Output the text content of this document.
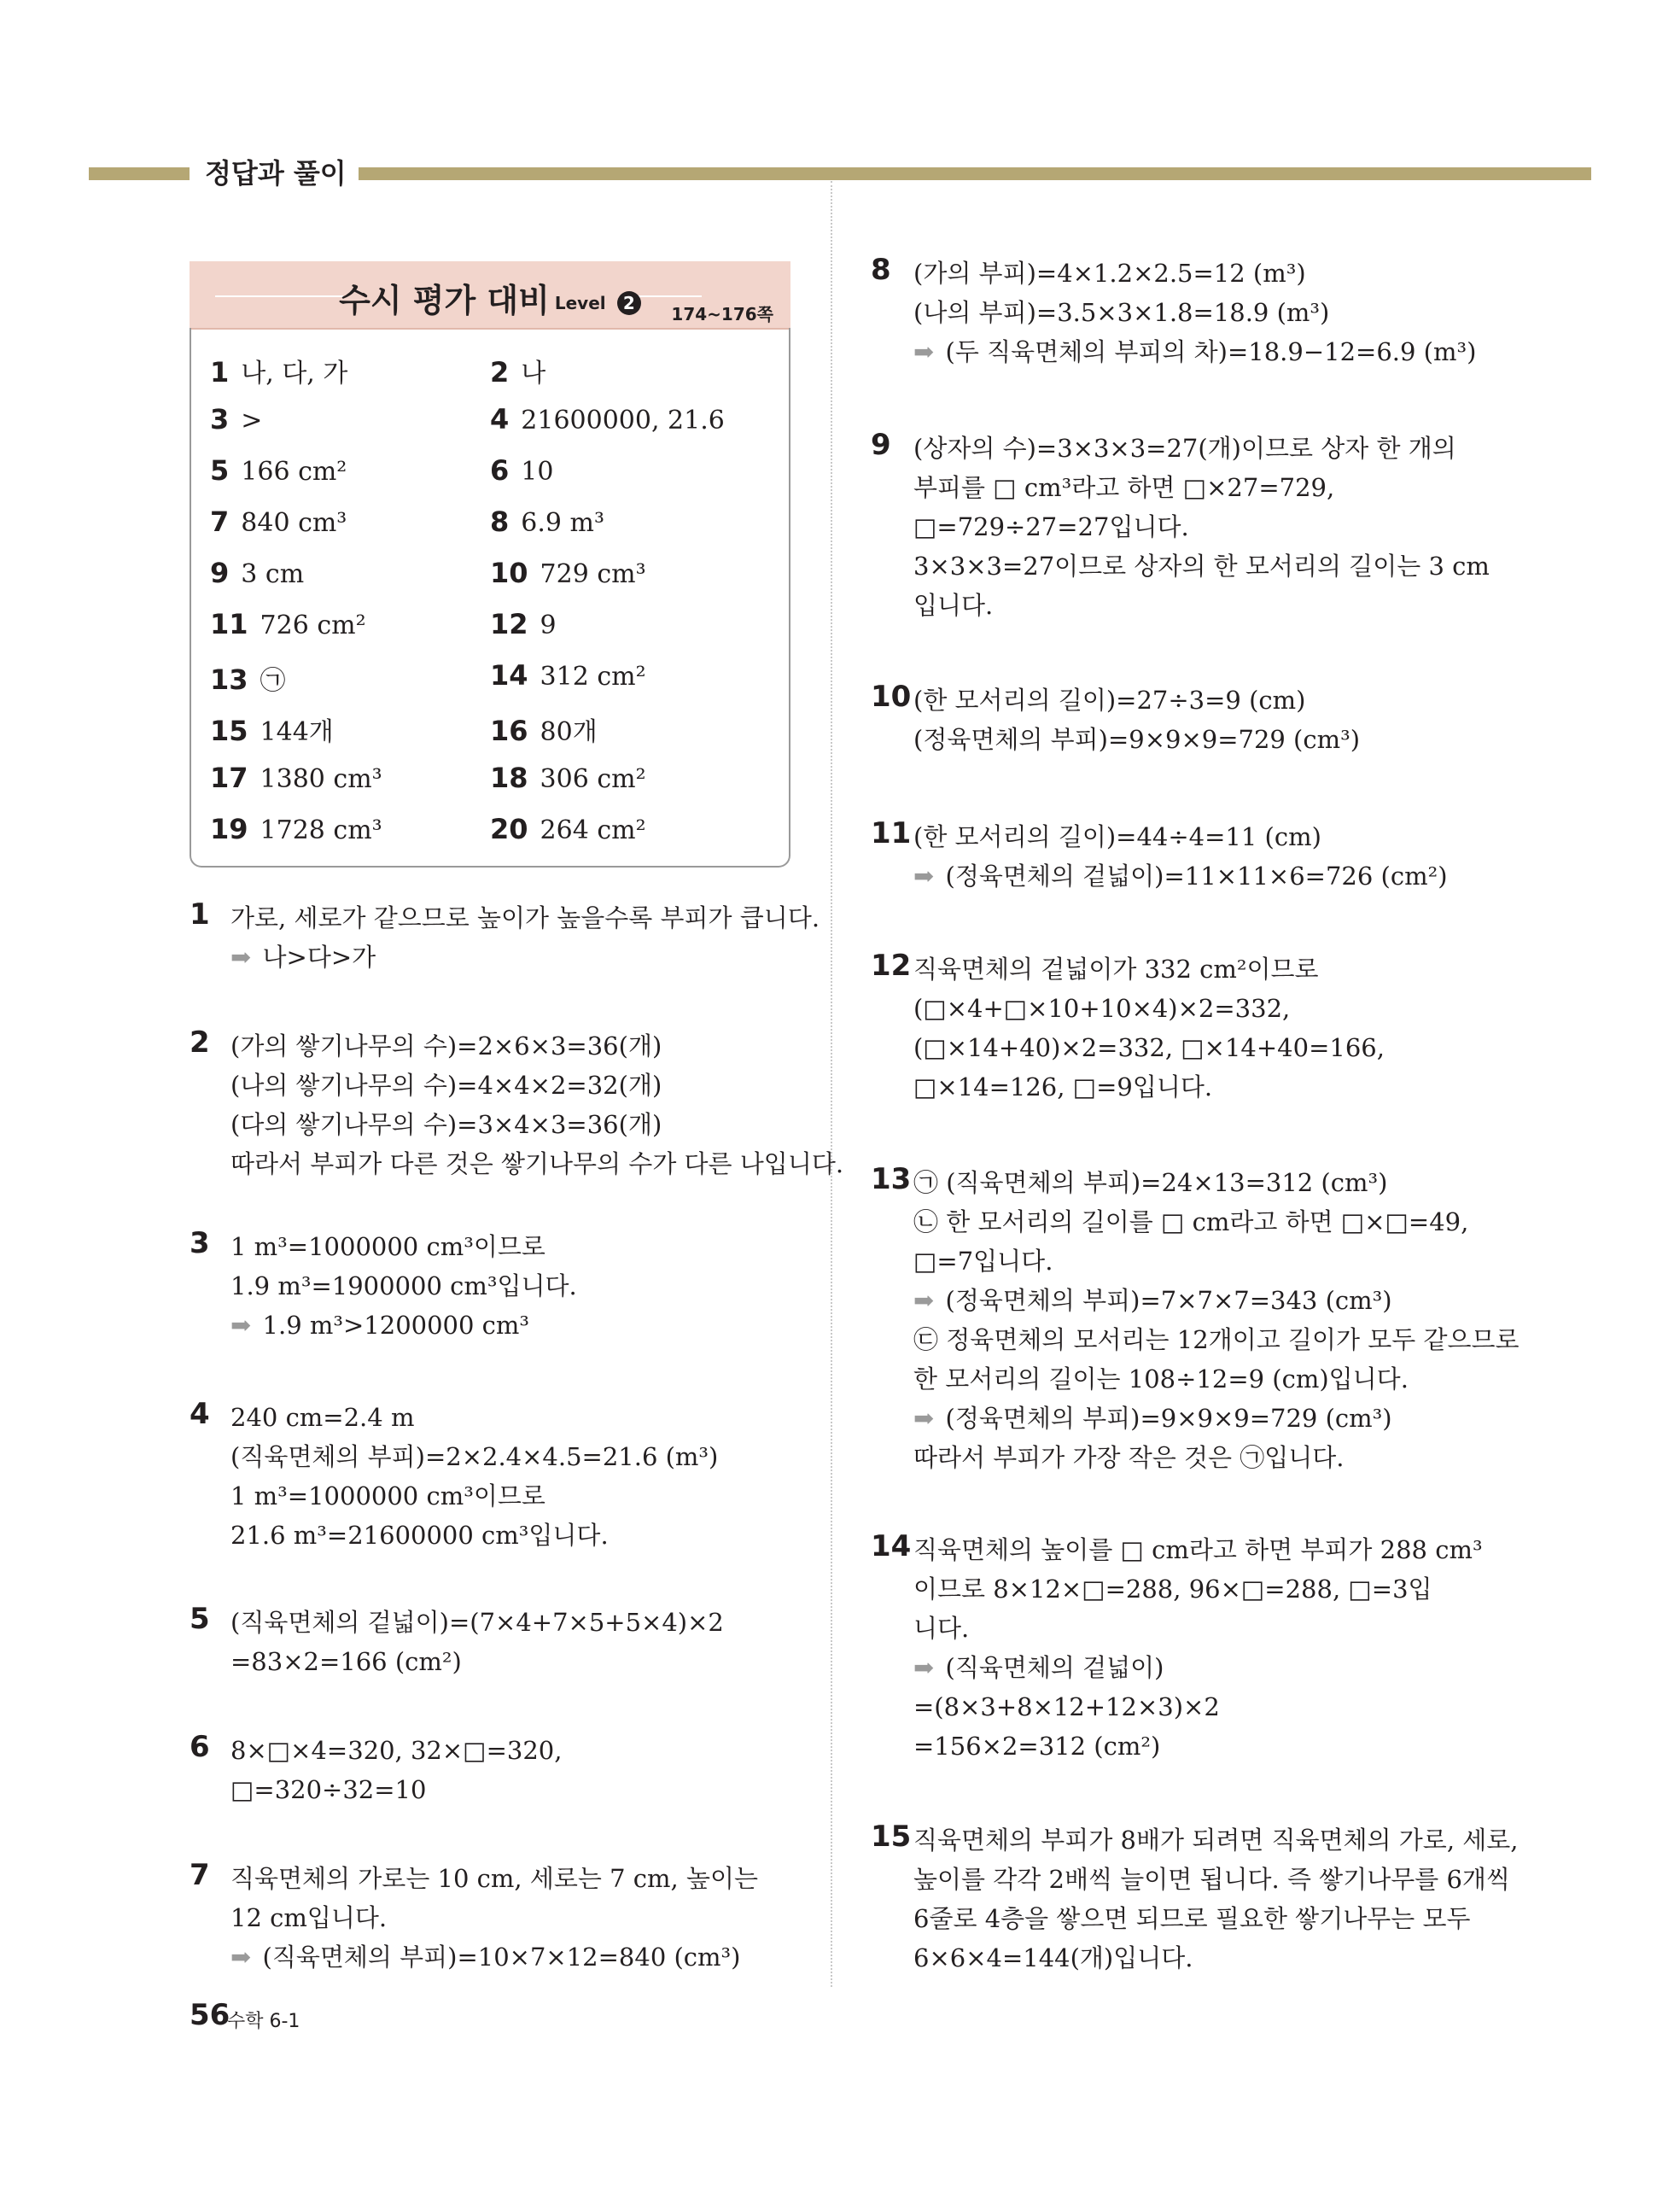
정답과 풀이
수시 평가 대비 Level 2
174~176쪽
1 나, 다, 가	2 나
3 >	4 21600000, 21.6
5 166 cm²	6 10
7 840 cm³	8 6.9 m³
9 3 cm	10 729 cm³
11 726 cm²	12 9
13 ㉠	14 312 cm²
15 144개	16 80개
17 1380 cm³	18 306 cm²
19 1728 cm³	20 264 cm²
1 가로, 세로가 같으므로 높이가 높을수록 부피가 큽니다.
➡ 나>다>가
2 (가의 쌓기나무의 수)=2×6×3=36(개)
(나의 쌓기나무의 수)=4×4×2=32(개)
(다의 쌓기나무의 수)=3×4×3=36(개)
따라서 부피가 다른 것은 쌓기나무의 수가 다른 나입니다.
3 1 m³=1000000 cm³이므로
1.9 m³=1900000 cm³입니다.
➡ 1.9 m³>1200000 cm³
4 240 cm=2.4 m
(직육면체의 부피)=2×2.4×4.5=21.6 (m³)
1 m³=1000000 cm³이므로
21.6 m³=21600000 cm³입니다.
5 (직육면체의 겉넓이)=(7×4+7×5+5×4)×2
=83×2=166 (cm²)
6 8×□×4=320, 32×□=320,
□=320÷32=10
7 직육면체의 가로는 10 cm, 세로는 7 cm, 높이는
12 cm입니다.
➡ (직육면체의 부피)=10×7×12=840 (cm³)
8 (가의 부피)=4×1.2×2.5=12 (m³)
(나의 부피)=3.5×3×1.8=18.9 (m³)
➡ (두 직육면체의 부피의 차)=18.9−12=6.9 (m³)
9 (상자의 수)=3×3×3=27(개)이므로 상자 한 개의
부피를 □ cm³라고 하면 □×27=729,
□=729÷27=27입니다.
3×3×3=27이므로 상자의 한 모서리의 길이는 3 cm
입니다.
10 (한 모서리의 길이)=27÷3=9 (cm)
(정육면체의 부피)=9×9×9=729 (cm³)
11 (한 모서리의 길이)=44÷4=11 (cm)
➡ (정육면체의 겉넓이)=11×11×6=726 (cm²)
12 직육면체의 겉넓이가 332 cm²이므로
(□×4+□×10+10×4)×2=332,
(□×14+40)×2=332, □×14+40=166,
□×14=126, □=9입니다.
13 ㉠ (직육면체의 부피)=24×13=312 (cm³)
㉡ 한 모서리의 길이를 □ cm라고 하면 □×□=49,
□=7입니다.
➡ (정육면체의 부피)=7×7×7=343 (cm³)
㉢ 정육면체의 모서리는 12개이고 길이가 모두 같으므로
한 모서리의 길이는 108÷12=9 (cm)입니다.
➡ (정육면체의 부피)=9×9×9=729 (cm³)
따라서 부피가 가장 작은 것은 ㉠입니다.
14 직육면체의 높이를 □ cm라고 하면 부피가 288 cm³
이므로 8×12×□=288, 96×□=288, □=3입
니다.
➡ (직육면체의 겉넓이)
=(8×3+8×12+12×3)×2
=156×2=312 (cm²)
15 직육면체의 부피가 8배가 되려면 직육면체의 가로, 세로,
높이를 각각 2배씩 늘이면 됩니다. 즉 쌓기나무를 6개씩
6줄로 4층을 쌓으면 되므로 필요한 쌓기나무는 모두
6×6×4=144(개)입니다.
56
수학 6-1
